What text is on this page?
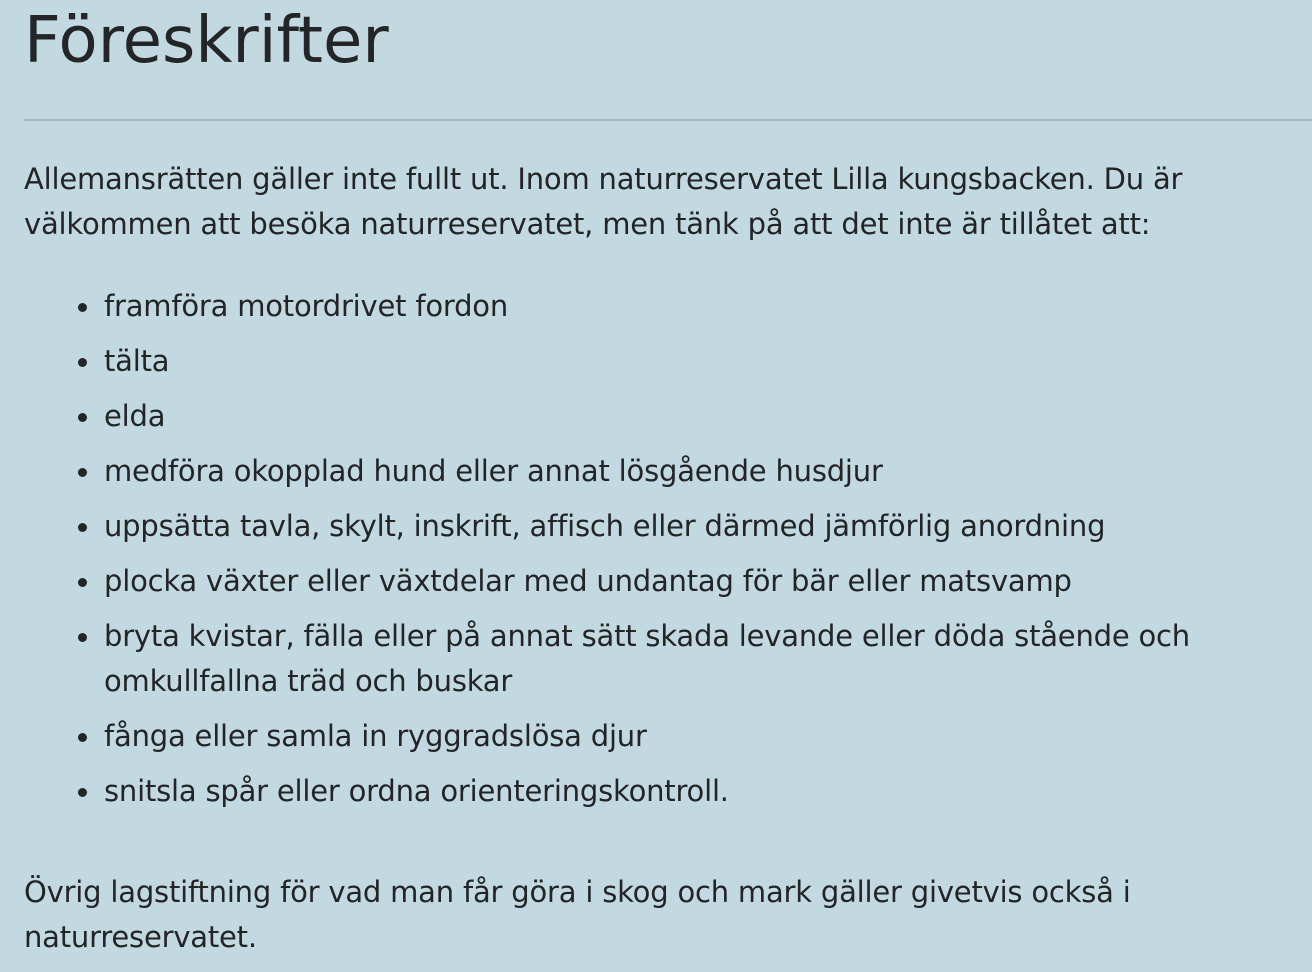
Föreskrifter

Allemansrätten gäller inte fullt ut. Inom naturreservatet Lilla kungsbacken. Du är välkommen att besöka naturreservatet, men tänk på att det inte är tillåtet att:

framföra motordrivet fordon
tälta
elda
medföra okopplad hund eller annat lösgående husdjur
uppsätta tavla, skylt, inskrift, affisch eller därmed jämförlig anordning
plocka växter eller växtdelar med undantag för bär eller matsvamp
bryta kvistar, fälla eller på annat sätt skada levande eller döda stående och omkullfallna träd och buskar
fånga eller samla in ryggradslösa djur
snitsla spår eller ordna orienteringskontroll.

Övrig lagstiftning för vad man får göra i skog och mark gäller givetvis också i naturreservatet.
